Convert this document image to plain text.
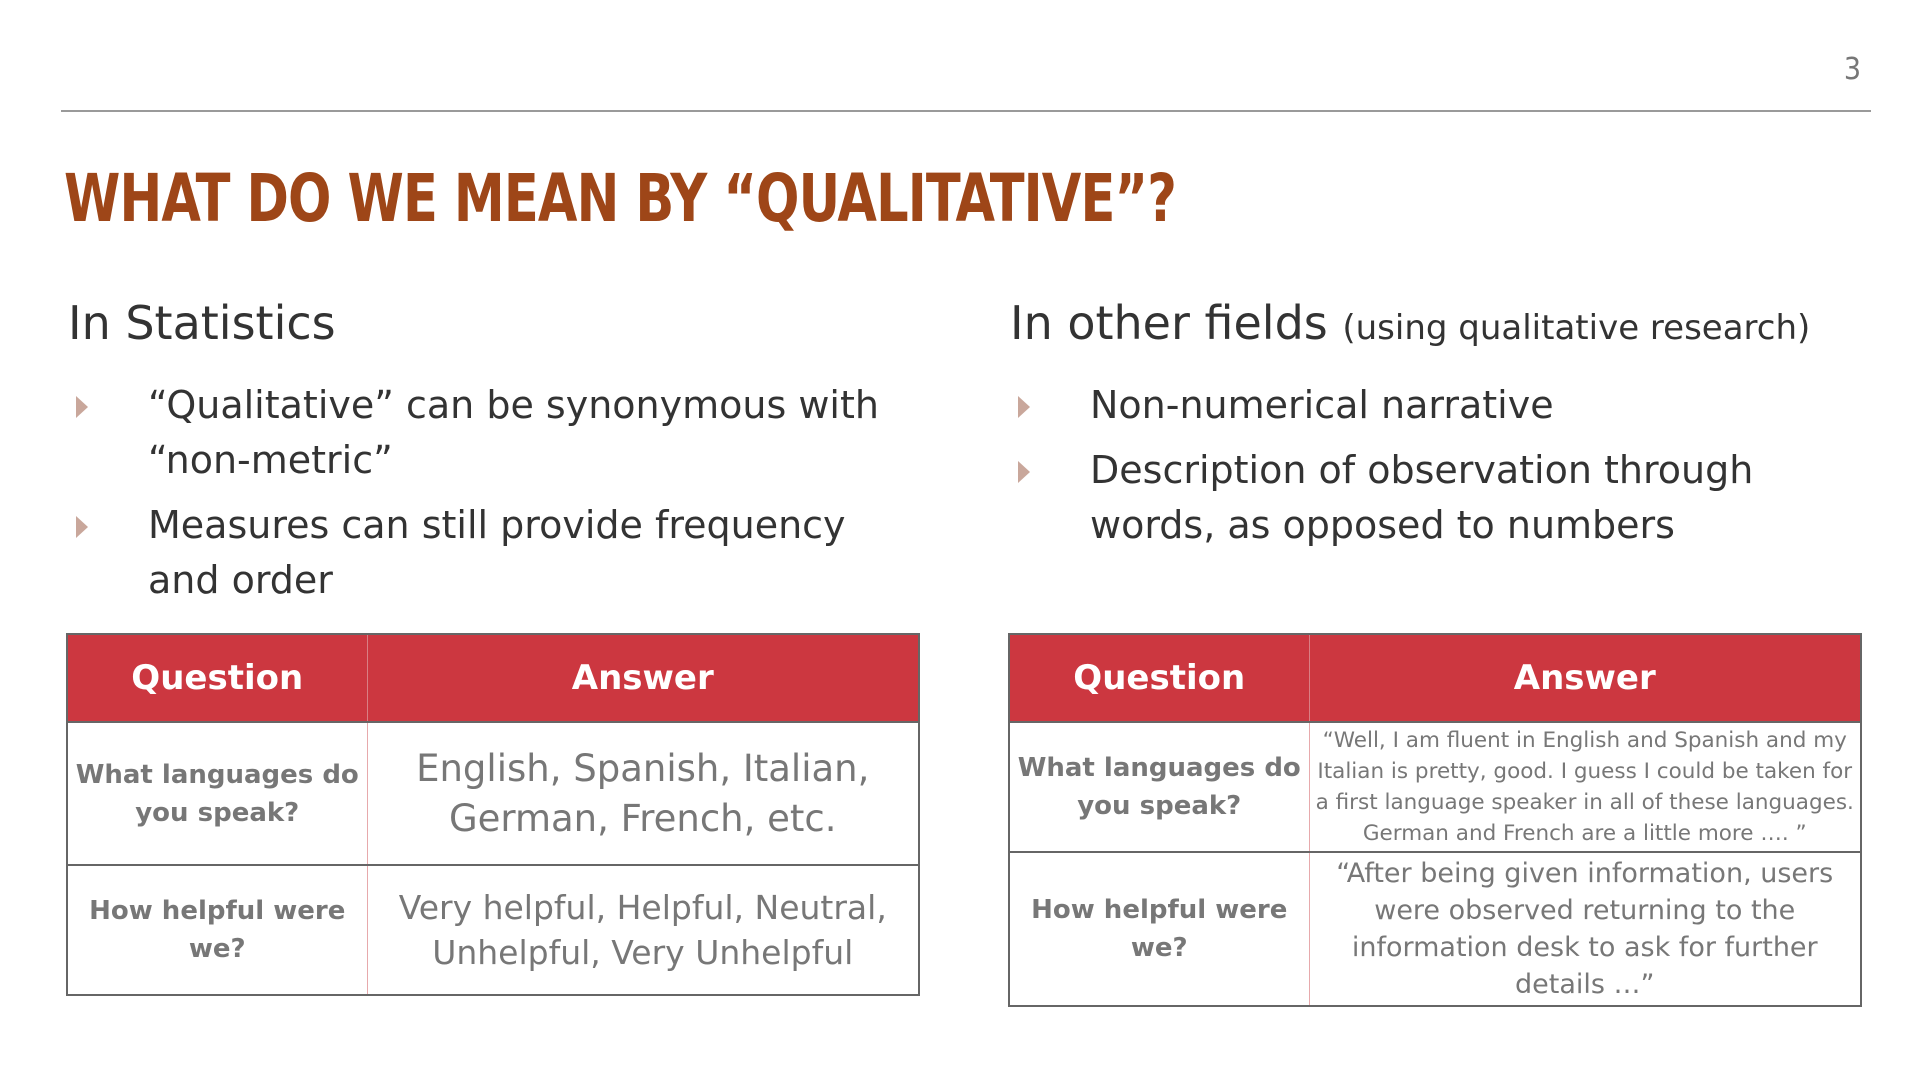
3
WHAT DO WE MEAN BY “QUALITATIVE”?
In Statistics
“Qualitative” can be synonymous with “non-metric”
Measures can still provide frequency and order
Question	Answer
What languages do you speak?	English, Spanish, Italian, German, French, etc.
How helpful were we?	Very helpful, Helpful, Neutral, Unhelpful, Very Unhelpful
In other fields (using qualitative research)
Non-numerical narrative
Description of observation through words, as opposed to numbers
Question	Answer
What languages do you speak?	“Well, I am fluent in English and Spanish and my Italian is pretty, good. I guess I could be taken for a first language speaker in all of these languages. German and French are a little more …. ”
How helpful were we?	“After being given information, users were observed returning to the information desk to ask for further details …”
